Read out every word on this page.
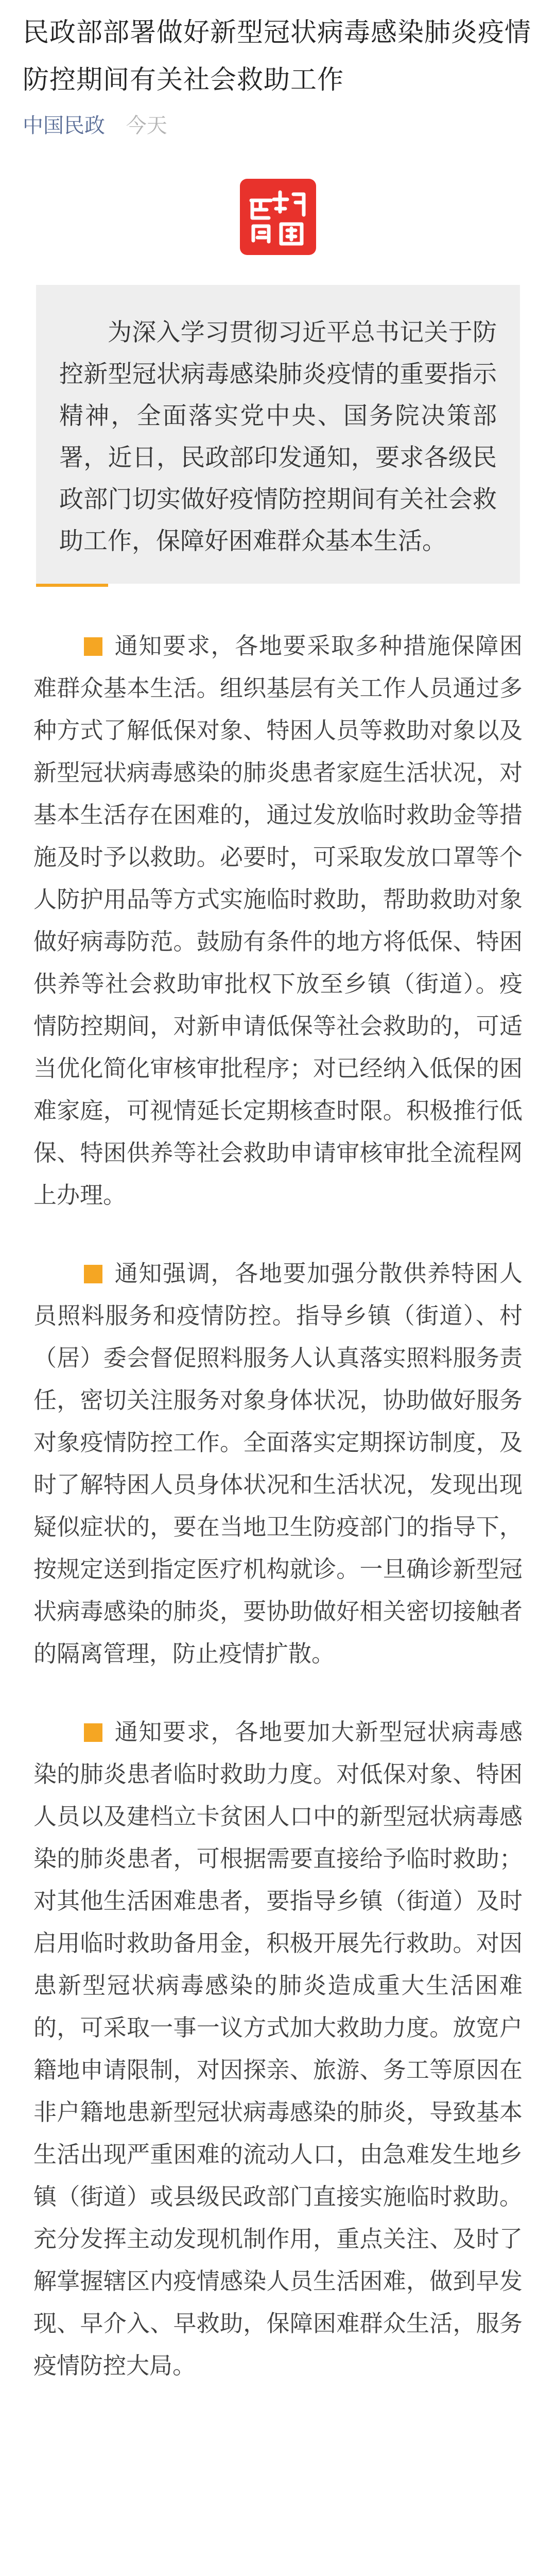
民政部部署做好新型冠状病毒感染肺炎疫情防控期间有关社会救助工作
中国民政 今天

为深入学习贯彻习近平总书记关于防控新型冠状病毒感染肺炎疫情的重要指示精神，全面落实党中央、国务院决策部署，近日，民政部印发通知，要求各级民政部门切实做好疫情防控期间有关社会救助工作，保障好困难群众基本生活。

通知要求，各地要采取多种措施保障困难群众基本生活。组织基层有关工作人员通过多种方式了解低保对象、特困人员等救助对象以及新型冠状病毒感染的肺炎患者家庭生活状况，对基本生活存在困难的，通过发放临时救助金等措施及时予以救助。必要时，可采取发放口罩等个人防护用品等方式实施临时救助，帮助救助对象做好病毒防范。鼓励有条件的地方将低保、特困供养等社会救助审批权下放至乡镇（街道）。疫情防控期间，对新申请低保等社会救助的，可适当优化简化审核审批程序；对已经纳入低保的困难家庭，可视情延长定期核查时限。积极推行低保、特困供养等社会救助申请审核审批全流程网上办理。

通知强调，各地要加强分散供养特困人员照料服务和疫情防控。指导乡镇（街道）、村（居）委会督促照料服务人认真落实照料服务责任，密切关注服务对象身体状况，协助做好服务对象疫情防控工作。全面落实定期探访制度，及时了解特困人员身体状况和生活状况，发现出现疑似症状的，要在当地卫生防疫部门的指导下，按规定送到指定医疗机构就诊。一旦确诊新型冠状病毒感染的肺炎，要协助做好相关密切接触者的隔离管理，防止疫情扩散。

通知要求，各地要加大新型冠状病毒感染的肺炎患者临时救助力度。对低保对象、特困人员以及建档立卡贫困人口中的新型冠状病毒感染的肺炎患者，可根据需要直接给予临时救助；对其他生活困难患者，要指导乡镇（街道）及时启用临时救助备用金，积极开展先行救助。对因患新型冠状病毒感染的肺炎造成重大生活困难的，可采取一事一议方式加大救助力度。放宽户籍地申请限制，对因探亲、旅游、务工等原因在非户籍地患新型冠状病毒感染的肺炎，导致基本生活出现严重困难的流动人口，由急难发生地乡镇（街道）或县级民政部门直接实施临时救助。充分发挥主动发现机制作用，重点关注、及时了解掌握辖区内疫情感染人员生活困难，做到早发现、早介入、早救助，保障困难群众生活，服务疫情防控大局。
